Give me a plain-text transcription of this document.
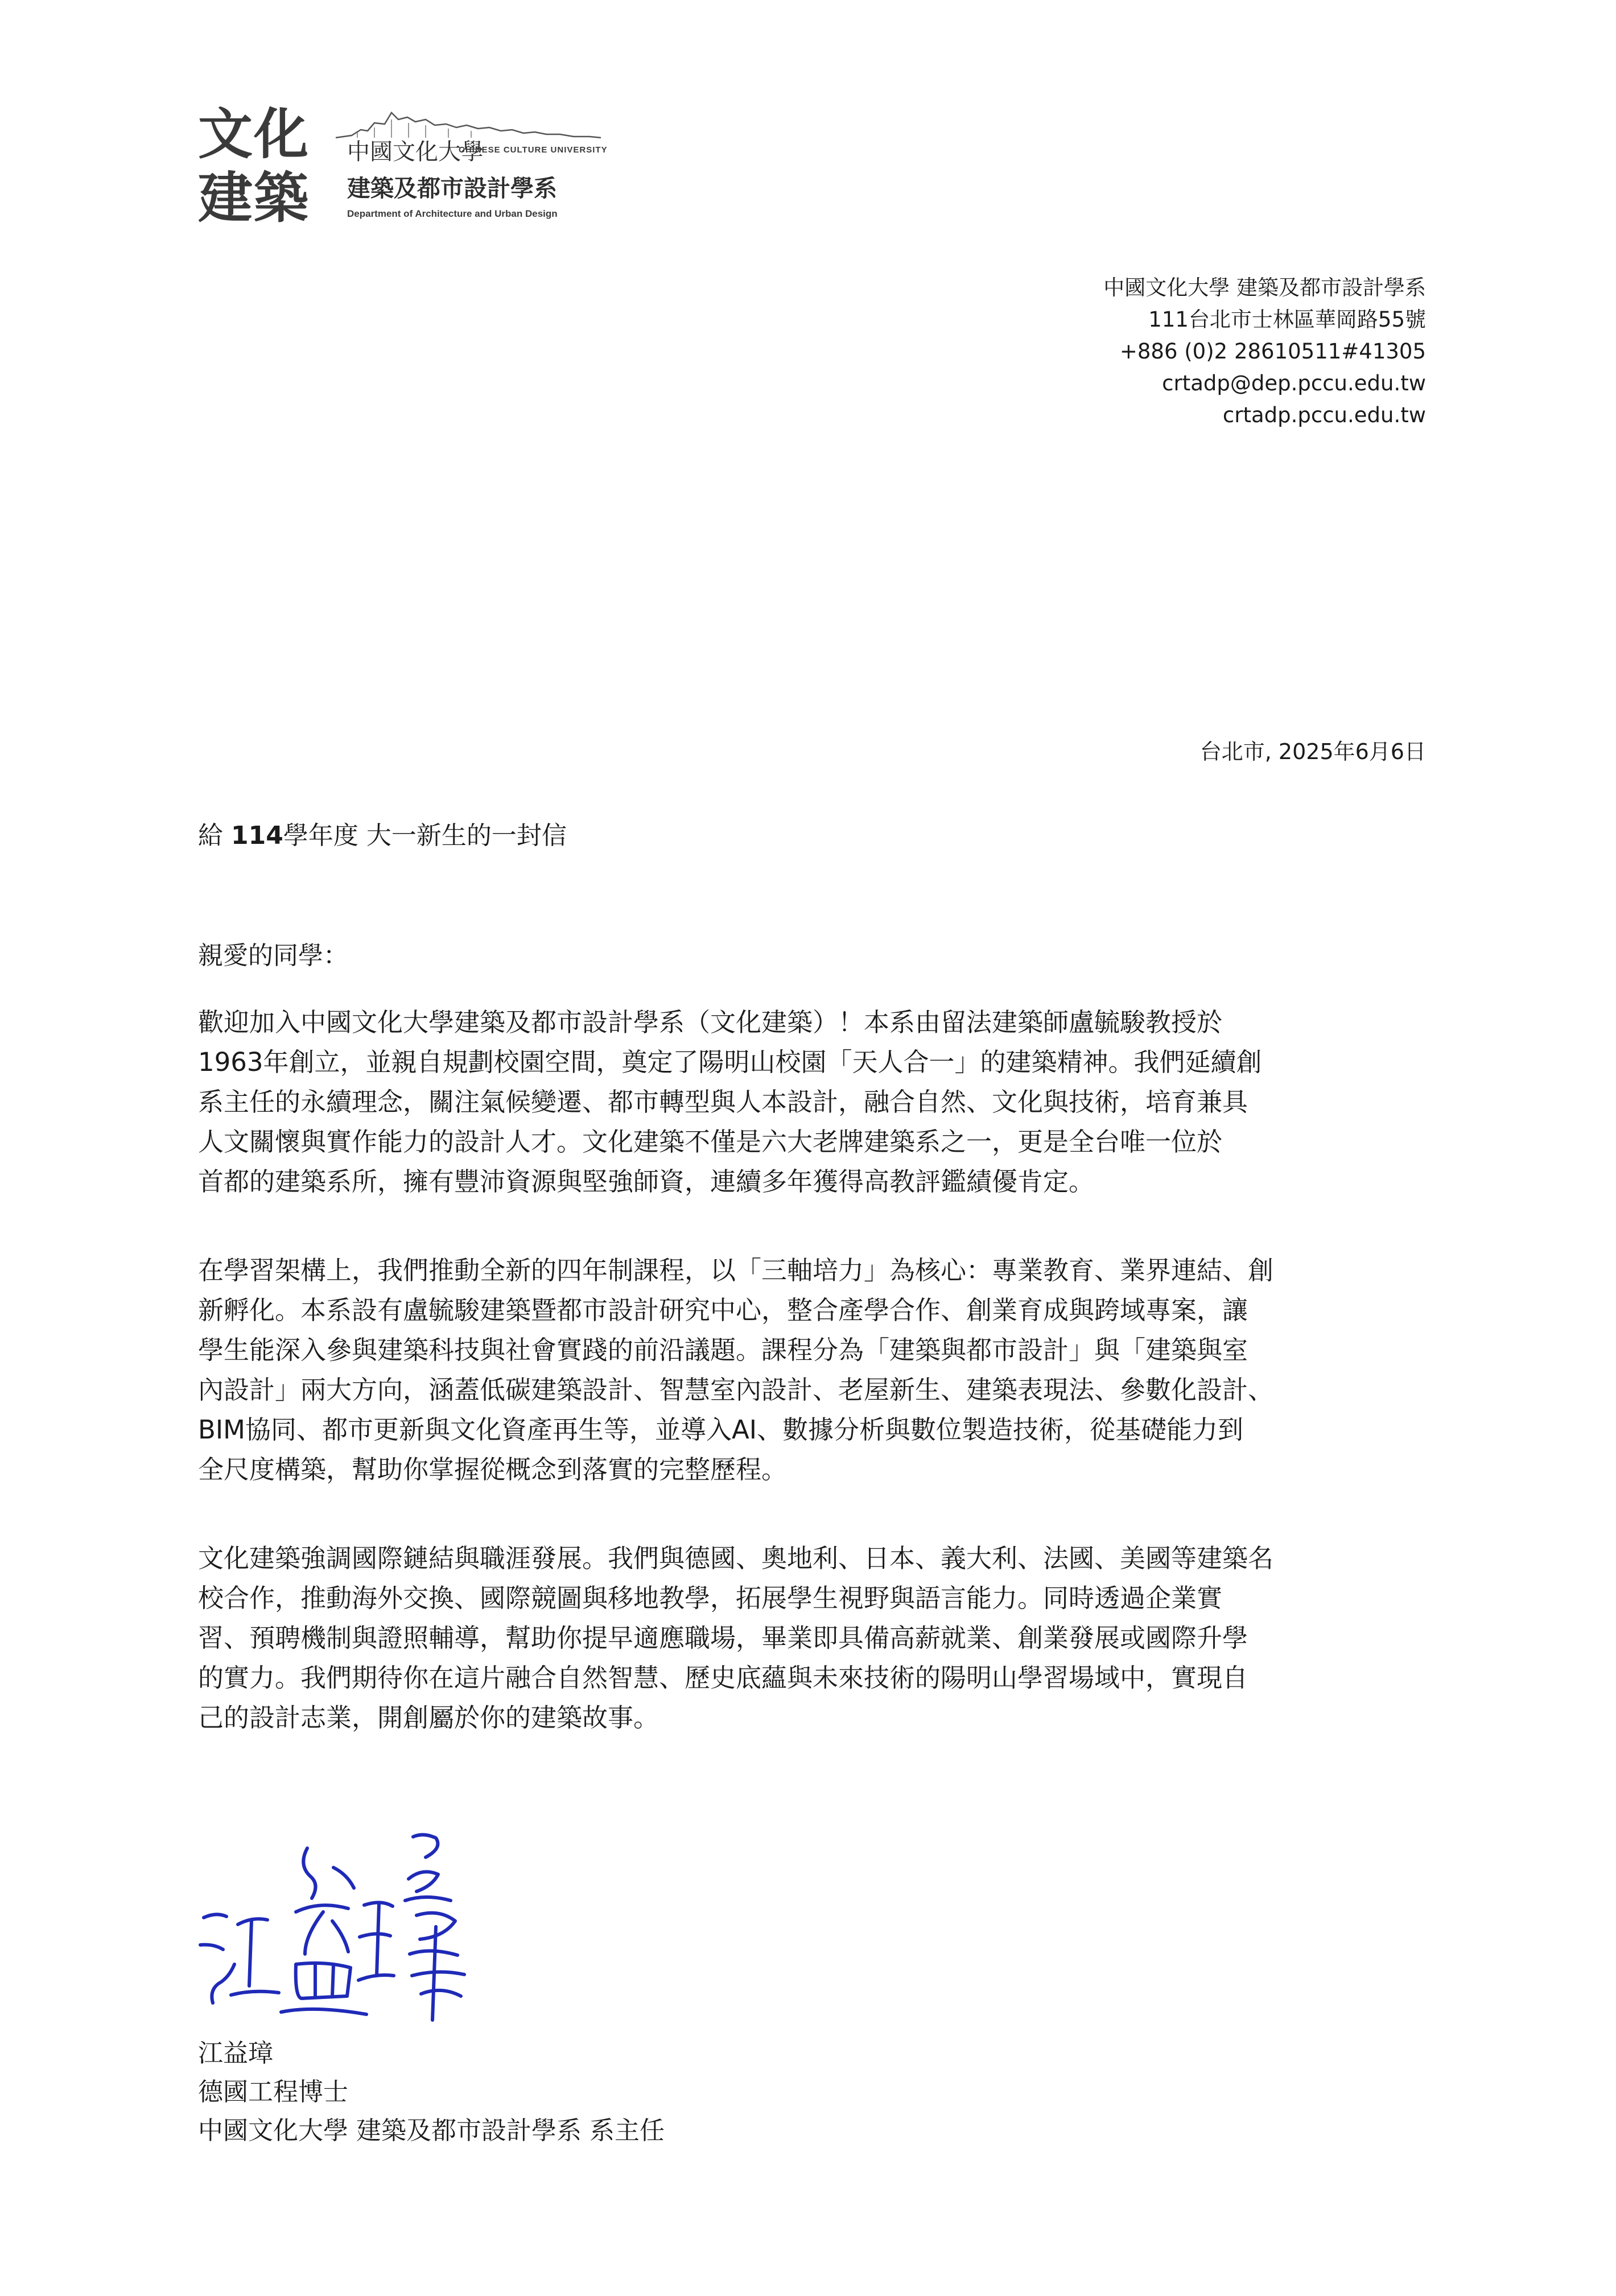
文化
建築
中國文化大學
CHINESE CULTURE UNIVERSITY
建築及都市設計學系
Department of Architecture and Urban Design
中國文化大學 建築及都市設計學系
111台北市士林區華岡路55號
+886 (0)2 28610511#41305
crtadp@dep.pccu.edu.tw
crtadp.pccu.edu.tw
台北市, 2025年6月6日
給 114學年度 大一新生的一封信
親愛的同學：
歡迎加入中國文化大學建築及都市設計學系（文化建築）！本系由留法建築師盧毓駿教授於
1963年創立，並親自規劃校園空間，奠定了陽明山校園「天人合一」的建築精神。我們延續創
系主任的永續理念，關注氣候變遷、都市轉型與人本設計，融合自然、文化與技術，培育兼具
人文關懷與實作能力的設計人才。文化建築不僅是六大老牌建築系之一，更是全台唯一位於
首都的建築系所，擁有豐沛資源與堅強師資，連續多年獲得高教評鑑績優肯定。
在學習架構上，我們推動全新的四年制課程，以「三軸培力」為核心：專業教育、業界連結、創
新孵化。本系設有盧毓駿建築暨都市設計研究中心，整合產學合作、創業育成與跨域專案，讓
學生能深入參與建築科技與社會實踐的前沿議題。課程分為「建築與都市設計」與「建築與室
內設計」兩大方向，涵蓋低碳建築設計、智慧室內設計、老屋新生、建築表現法、參數化設計、
BIM協同、都市更新與文化資產再生等，並導入AI、數據分析與數位製造技術，從基礎能力到
全尺度構築，幫助你掌握從概念到落實的完整歷程。
文化建築強調國際鏈結與職涯發展。我們與德國、奧地利、日本、義大利、法國、美國等建築名
校合作，推動海外交換、國際競圖與移地教學，拓展學生視野與語言能力。同時透過企業實
習、預聘機制與證照輔導，幫助你提早適應職場，畢業即具備高薪就業、創業發展或國際升學
的實力。我們期待你在這片融合自然智慧、歷史底蘊與未來技術的陽明山學習場域中，實現自
己的設計志業，開創屬於你的建築故事。
江益璋
德國工程博士
中國文化大學 建築及都市設計學系 系主任
